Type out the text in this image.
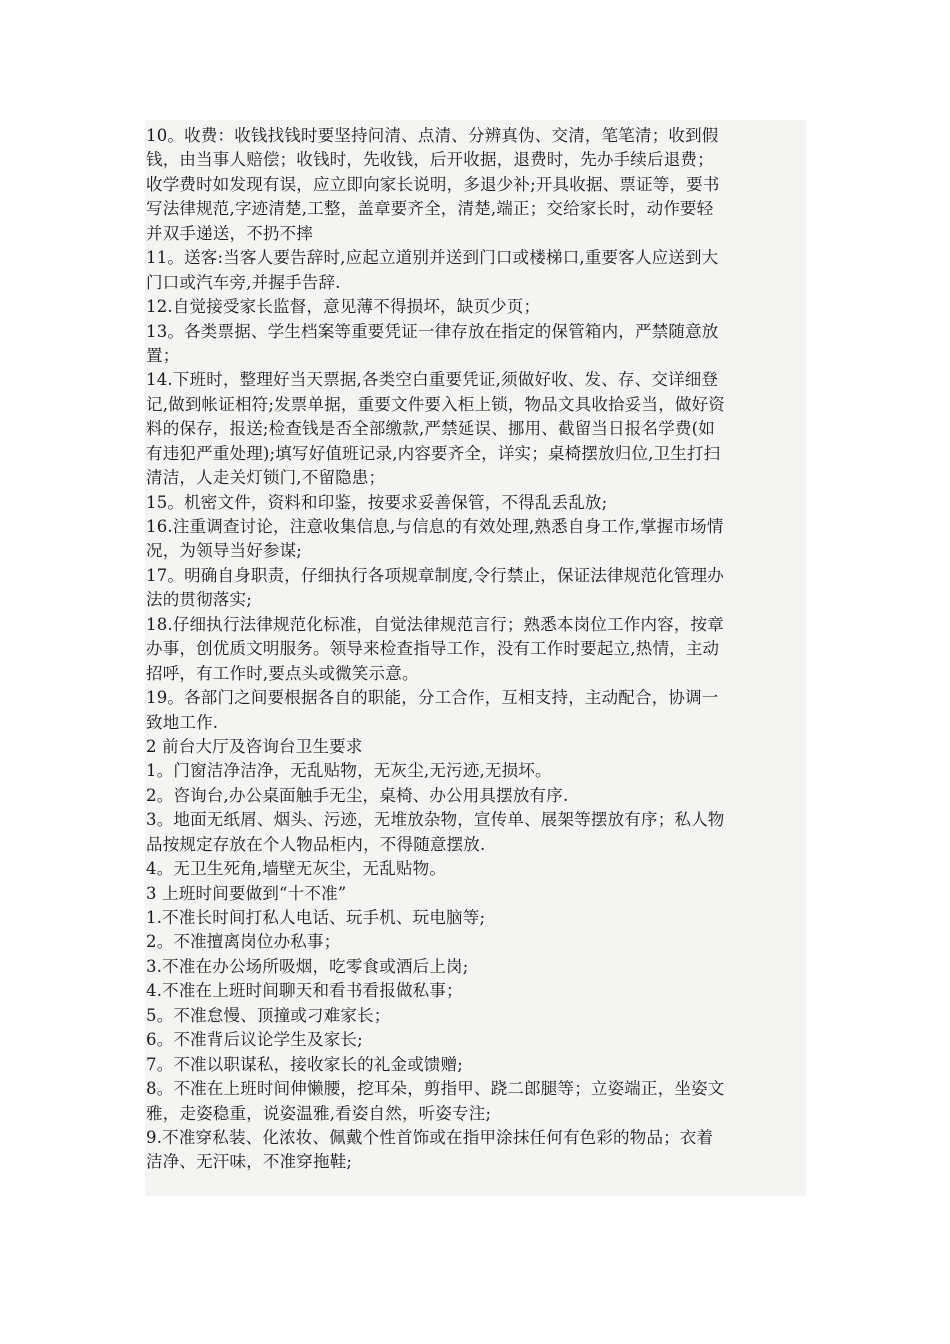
10。收费：收钱找钱时要坚持问清、点清、分辨真伪、交清，笔笔清；收到假
钱，由当事人赔偿；收钱时，先收钱，后开收据，退费时，先办手续后退费；
收学费时如发现有误，应立即向家长说明，多退少补;开具收据、票证等，要书
写法律规范,字迹清楚,工整，盖章要齐全，清楚,端正；交给家长时，动作要轻
并双手递送，不扔不摔
11。送客:当客人要告辞时,应起立道别并送到门口或楼梯口,重要客人应送到大
门口或汽车旁,并握手告辞.
12.自觉接受家长监督，意见薄不得损坏，缺页少页；
13。各类票据、学生档案等重要凭证一律存放在指定的保管箱内，严禁随意放
置；
14.下班时，整理好当天票据,各类空白重要凭证,须做好收、发、存、交详细登
记,做到帐证相符;发票单据，重要文件要入柜上锁，物品文具收拾妥当，做好资
料的保存，报送;检查钱是否全部缴款,严禁延误、挪用、截留当日报名学费(如
有违犯严重处理);填写好值班记录,内容要齐全，详实；桌椅摆放归位,卫生打扫
清洁，人走关灯锁门,不留隐患；
15。机密文件，资料和印鉴，按要求妥善保管，不得乱丢乱放;
16.注重调查讨论，注意收集信息,与信息的有效处理,熟悉自身工作,掌握市场情
况，为领导当好参谋;
17。明确自身职责，仔细执行各项规章制度,令行禁止，保证法律规范化管理办
法的贯彻落实;
18.仔细执行法律规范化标准，自觉法律规范言行；熟悉本岗位工作内容，按章
办事，创优质文明服务。领导来检查指导工作，没有工作时要起立,热情，主动
招呼，有工作时,要点头或微笑示意。
19。各部门之间要根据各自的职能，分工合作，互相支持，主动配合，协调一
致地工作.
2 前台大厅及咨询台卫生要求
1。门窗洁净洁净，无乱贴物，无灰尘,无污迹,无损坏。
2。咨询台,办公桌面触手无尘，桌椅、办公用具摆放有序.
3。地面无纸屑、烟头、污迹，无堆放杂物，宣传单、展架等摆放有序；私人物
品按规定存放在个人物品柜内，不得随意摆放.
4。无卫生死角,墙壁无灰尘，无乱贴物。
3 上班时间要做到“十不准”
1.不准长时间打私人电话、玩手机、玩电脑等;
2。不准擅离岗位办私事；
3.不准在办公场所吸烟，吃零食或酒后上岗;
4.不准在上班时间聊天和看书看报做私事；
5。不准怠慢、顶撞或刁难家长；
6。不准背后议论学生及家长;
7。不准以职谋私，接收家长的礼金或馈赠;
8。不准在上班时间伸懒腰，挖耳朵，剪指甲、跷二郎腿等；立姿端正，坐姿文
雅，走姿稳重，说姿温雅,看姿自然，听姿专注;
9.不准穿私装、化浓妆、佩戴个性首饰或在指甲涂抹任何有色彩的物品；衣着
洁净、无汗味，不准穿拖鞋;
